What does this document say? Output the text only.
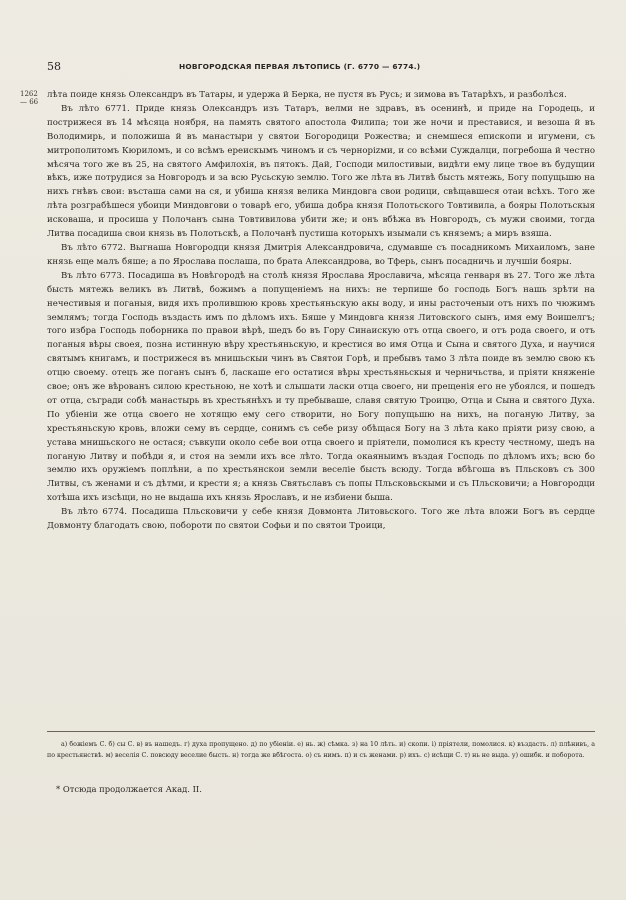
58	НОВГОРОДСКАЯ ПЕРВАЯ ЛѢТОПИСЬ (Г. 6770 — 6774.)
1262 — 66

лѣта поиде князь Олександръ въ Татары, и удержа й Берка, не пустя въ Русь; и зимова въ Татарѣхъ, и разболѣся.

Въ лѣто 6771. Приде князь Олександръ изъ Татаръ, велми не здравъ, въ осенинѣ, и приде на Городець, и пострижеся въ 14 мѣсяца ноября, на память святого апостола Филипа; тои же ночи и преставися, и везоша й въ Володимирь, и положиша й въ манастыри у святои Богородици Рожества; и снемшеся епископи и игумени, съ митрополитомъ Кюриломъ, и со всѣмъ ереискымъ чиномъ и съ чернорizми, и со всѣми Суждалци, погребоша й честно мѣсяча того же въ 25, на святого Амфилохія, въ пятокъ. Дай, Господи милостивыи, видѣти ему лице твое въ будущии вѣкъ, иже потрудися за Новгородъ и за всю Русьскую землю. Того же лѣта въ Литвѣ бысть мятежь, Богу попущьшю на нихъ гнѣвъ свои: въсташа сами на ся, и убиша князя велика Миндовга свои родици, свѣщавшеся отаи всѣхъ. Того же лѣта розграбѣшеся убоици Миндовгови о товарѣ его, убиша добра князя Полотьского Товтивила, а бояры Полотьскыя исковаша, и просиша у Полочанъ сына Товтивилова убити же; и онъ вбѣжа въ Новгородъ, съ мужи своими, тогда Литва посадиша свои князь въ Полотьскѣ, а Полочанѣ пустиша которыхъ изымали съ княземъ; а миръ взяша.

Въ лѣто 6772. Выгнаша Новгородци князя Дмитрія Александровича, сдумавше съ посадникомъ Михаиломъ, зане князь еще малъ бяше; а по Ярослава послаша, по брата Александрова, во Тферь, сынъ посадничь и лучшіи бояры.

Въ лѣто 6773. Посадиша въ Новѣгородѣ на столѣ князя Ярослава Ярославича, мѣсяца генваря въ 27. Того же лѣта бысть мятежь великъ въ Литвѣ, божимъ а попущеніемъ на нихъ: не терпише бо господь Богъ нашь зрѣти на нечестивыя и поганыя, видя ихъ пролившюю кровь хрестьяньскую акы воду, и ины расточеныи отъ нихъ по чюжимъ землямъ; тогда Господь въздасть имъ по дѣломъ ихъ. Бяше у Миндовга князя Литовского сынъ, имя ему Воишелгъ; того избра Господь поборника по правои вѣрѣ, шедъ бо въ Гору Синаискую отъ отца своего, и отъ рода своего, и отъ поганыя вѣры своея, позна истинную вѣру хрестьяньскую, и крестися во имя Отца и Сына и святого Духа, и научися святымъ книгамъ, и пострижеся въ мнишьскыи чинъ въ Святои Горѣ, и пребывъ тамо 3 лѣта пoиде въ землю свою къ отцю своему. отецъ же поганъ сынъ б, ласкаше его остатися вѣры хрестьяньскыя и черничьства, и пріяти княженіе свое; онъ же вѣрованъ силою крестьною, не хотѣ и слышати ласки отца своего, ни прещенія его не убоялся, и пошедъ от отца, съгради собѣ манастырь въ хрестьянѣхъ и ту пребываше, славя святую Троицю, Отца и Сына и святого Духа. По убіеніи же отца своего не хотящю ему сего створити, но Богу попущьшю на нихъ, на поганую Литву, за хрестьяньскую кровь, вложи сему въ сердце, сонимъ съ себе ризу обѣщася Богу на 3 лѣта како пріяти ризу свою, а устава мнишьского не остася; съвкупи около себе вои отца своего и пріятели, помолися къ кресту честному, шедъ на поганую Литву и побѣди я, и стоя на земли ихъ все лѣто. Тогда окаяныимъ въздая Господь по дѣломъ ихъ; всю бо землю ихъ оружіемъ поплѣни, а по хрестьянскои земли веселіе бысть всюду. Тогда вбѣгоша въ Пльсковъ съ 300 Литвы, съ женами и съ дѣтми, и крести я; а князь Святьславъ съ попы Пльсковьскыми и съ Пльсковичи; а Новгородци хотѣша ихъ изсѣщи, но не выдаша ихъ князь Ярославъ, и не избиени быша.

Въ лѣто 6774. Посадиша Пльсковичи у себе князя Довмонта Литовьского. Того же лѣта вложи Богъ въ сердце Довмонту благодать свою, побороти по святои Софьи и по святои Троици,

а) божіемъ С. б) сы С. в) въ нашедъ. г) духа пропущено. д) по убіеніи. е) нь. ж) сѣмка. з) на 10 лѣть. и) скопи. і) пріятели, помолися. к) въздасть. л) плѣнивъ, а по крестьянствѣ. м) веселія С. повсюду веселие бысть. н) тогда же вбѣгоста. о) съ нимъ. п) и съ женами. р) ихъ. с) исѣщи С. т) нь не выда. у) ошибк. и поборота.

* Отсюда продолжается Акад. II.
